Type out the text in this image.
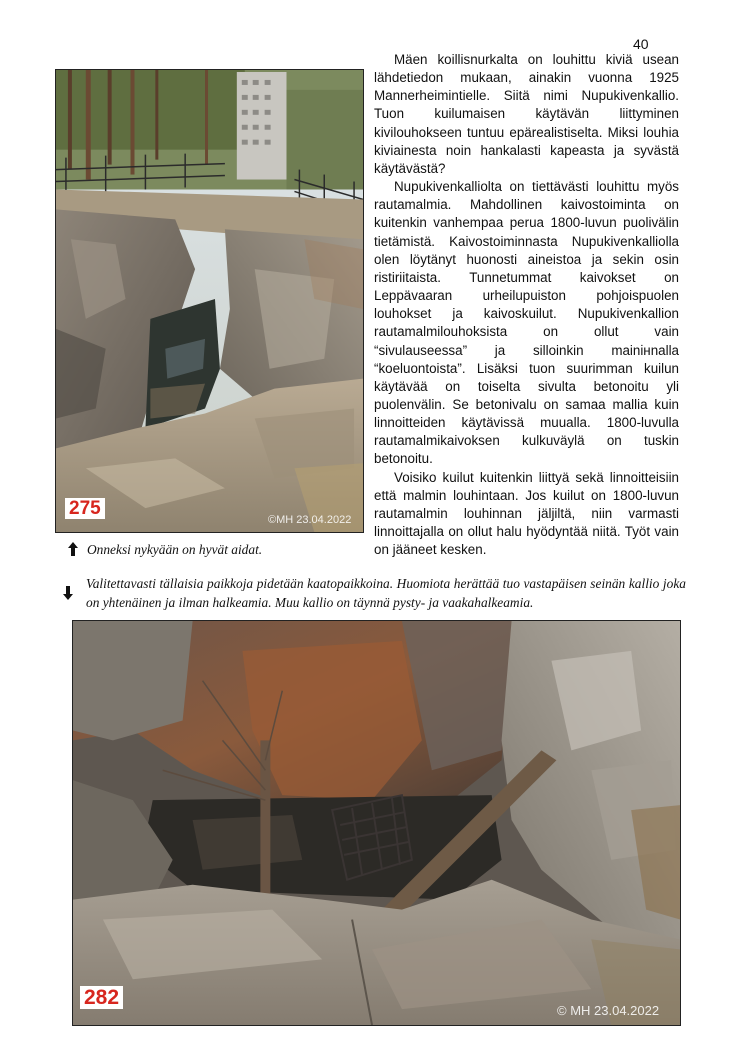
40
275
©MH 23.04.2022

Mäen koillisnurkalta on louhittu kiviä usean lähdetiedon mukaan, ainakin vuonna 1925 Mannerheimintielle. Siitä nimi Nupukivenkallio. Tuon kuilumaisen käytävän liittyminen kivilouhokseen tuntuu epärealistiselta. Miksi louhia kiviainesta noin hankalasti kapeasta ja syvästä käytävästä?

Nupukivenkalliolta on tiettävästi louhittu myös rautamalmia. Mahdollinen kaivostoiminta on kuitenkin vanhempaa perua 1800-luvun puolivälin tietämistä. Kaivostoiminnasta Nupukivenkalliolla olen löytänyt huonosti aineistoa ja sekin osin ristiriitaista. Tunnetummat kaivokset on Leppävaaran urheilupuiston pohjoispuolen louhokset ja kaivoskuilut. Nupukivenkallion rautamalmilouhoksista on ollut vain “sivulauseessa” ja silloinkin mainінnalla “koeluontoista”. Lisäksi tuon suurimman kuilun käytävää on toiselta sivulta betonoitu yli puolenvälin. Se betonivalu on samaa mallia kuin linnoitteiden käytävissä muualla. 1800-luvulla rautamalmikaivoksen kulkuväylä on tuskin betonoitu.

Voisiko kuilut kuitenkin liittyä sekä linnoitteisiin että malmin louhintaan. Jos kuilut on 1800-luvun rautamalmin louhinnan jäljiltä, niin varmasti linnoittajalla on ollut halu hyödyntää niitä. Työt vain on jääneet kesken.

Onneksi nykyään on hyvät aidat.
Valitettavasti tällaisia paikkoja pidetään kaatopaikkoina. Huomiota herättää tuo vastapäisen seinän kallio joka on yhtenäinen ja ilman halkeamia. Muu kallio on täynnä pysty- ja vaakahalkeamia.
282
© MH 23.04.2022
